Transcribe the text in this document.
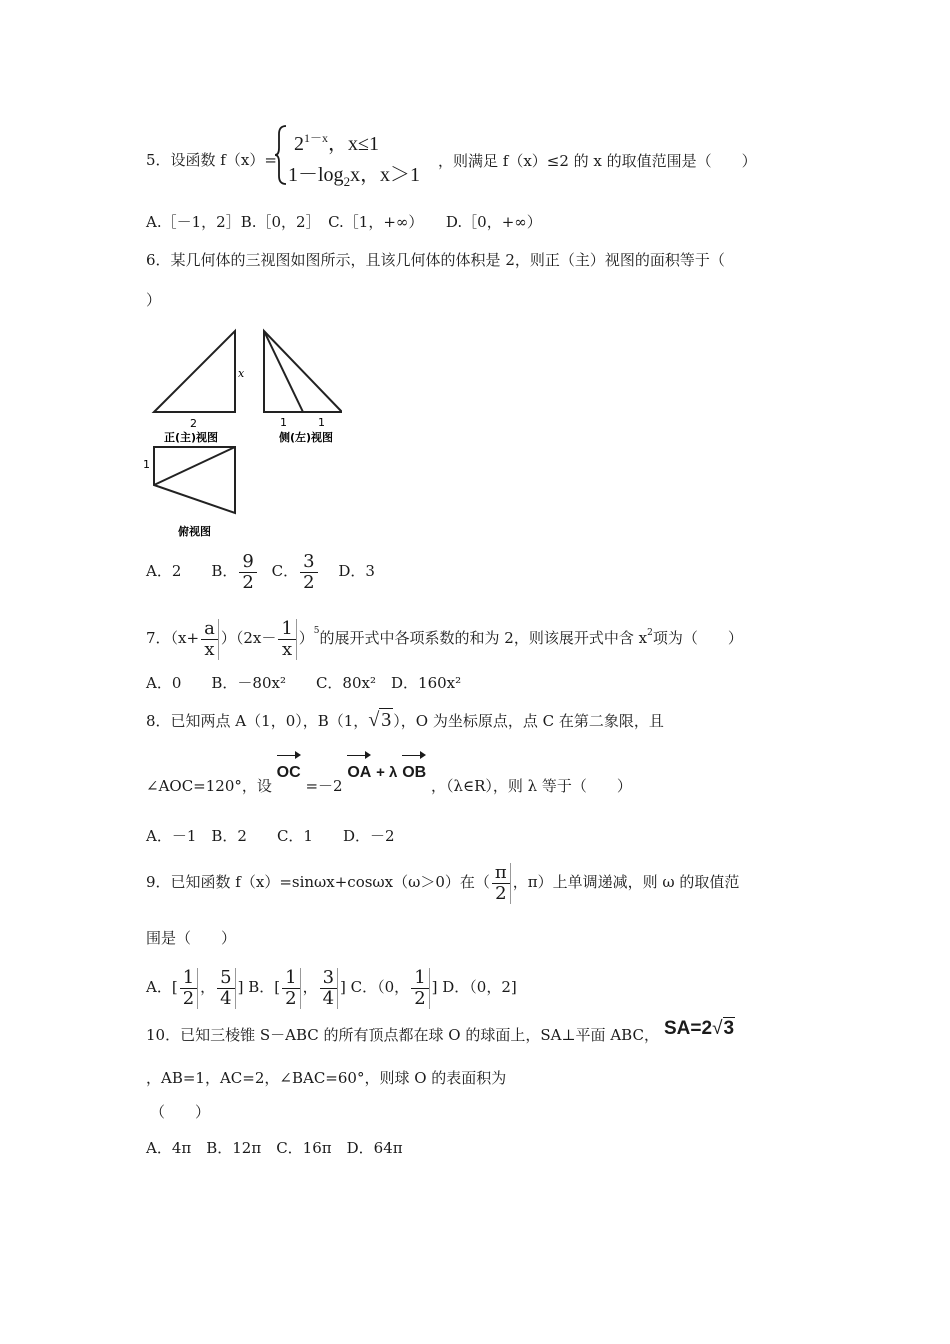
5．设函数 f（x）=
$2^{1-x}$，x≤1
$1-\log_2x$，x＞1
，则满足 f（x）≤2 的 x 的取值范围是（　　）
A.［－1，2］B.［0，2］　C.［1，+∞）　　D.［0，+∞）
6．某几何体的三视图如图所示，且该几何体的体积是 2，则正（主）视图的面积等于（
）
x
2
正(主)视图
1	1
侧(左)视图
1
俯视图
A．2　　B． $\frac{9}{2}$ C． $\frac{3}{2}$ D．3
7．$(x+ \frac{a}{x} )(2x- \frac{1}{x} )^5$的展开式中各项系数的和为 2，则该展开式中含 $x^2$项为（　　）
A．0　　B．－80x²　　C．80x²　D．160x²
8．已知两点 A（1，0），B（1，√ 3 ），O 为坐标原点，点 C 在第二象限，且
∠AOC=120°，设 OC =－2 OA + λ OB ，（λ∈R），则 λ 等于（　　）
A．－1　B．2　　C．1　　D．－2
9．已知函数 f（x）=sinωx+cosωx（ω＞0）在（ $\frac{\pi}{2}$ ，π）上单调递减，则 ω 的取值范
围是（　　）
A．[ $\frac{1}{2}$ ， $\frac{5}{4}$ ] B．[ $\frac{1}{2}$ ， $\frac{3}{4}$ ] C．（0， $\frac{1}{2}$ ] D．（0，2]
10．已知三棱锥 S－ABC 的所有顶点都在球 O 的球面上，SA⊥平面 ABC， SA=2√3
，AB=1，AC=2，∠BAC=60°，则球 O 的表面积为
（　　）
A．4π　B．12π　C．16π　D．64π
